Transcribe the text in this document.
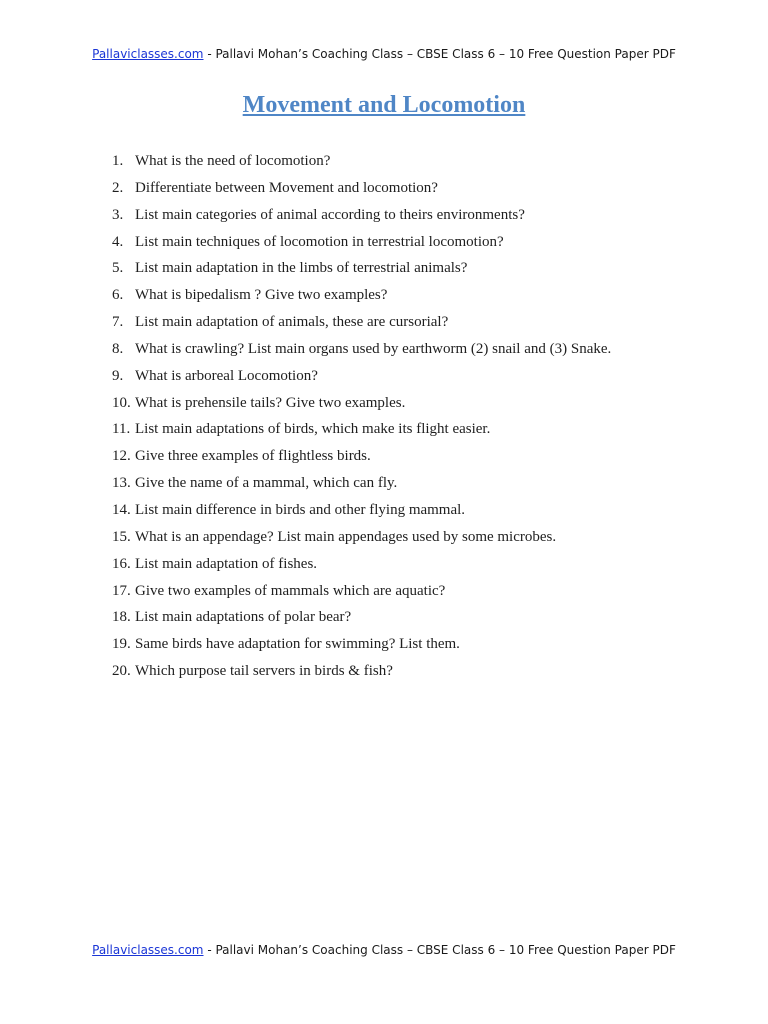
Pallaviclasses.com - Pallavi Mohan’s Coaching Class – CBSE Class 6 – 10 Free Question Paper PDF
Movement and Locomotion
1. What is the need of locomotion?
2. Differentiate between Movement and locomotion?
3. List main categories of animal according to theirs environments?
4. List main techniques of locomotion in terrestrial locomotion?
5. List main adaptation in the limbs of terrestrial animals?
6. What is bipedalism ? Give two examples?
7. List main adaptation of animals, these are cursorial?
8. What is crawling? List main organs used by earthworm (2) snail and (3) Snake.
9. What is arboreal Locomotion?
10. What is prehensile tails? Give two examples.
11. List main adaptations of birds, which make its flight easier.
12. Give three examples of flightless birds.
13. Give the name of a mammal, which can fly.
14. List main difference in birds and other flying mammal.
15. What is an appendage? List main appendages used by some microbes.
16. List main adaptation of fishes.
17. Give two examples of mammals which are aquatic?
18. List main adaptations of polar bear?
19. Same birds have adaptation for swimming? List them.
20. Which purpose tail servers in birds & fish?
Pallaviclasses.com - Pallavi Mohan’s Coaching Class – CBSE Class 6 – 10 Free Question Paper PDF
